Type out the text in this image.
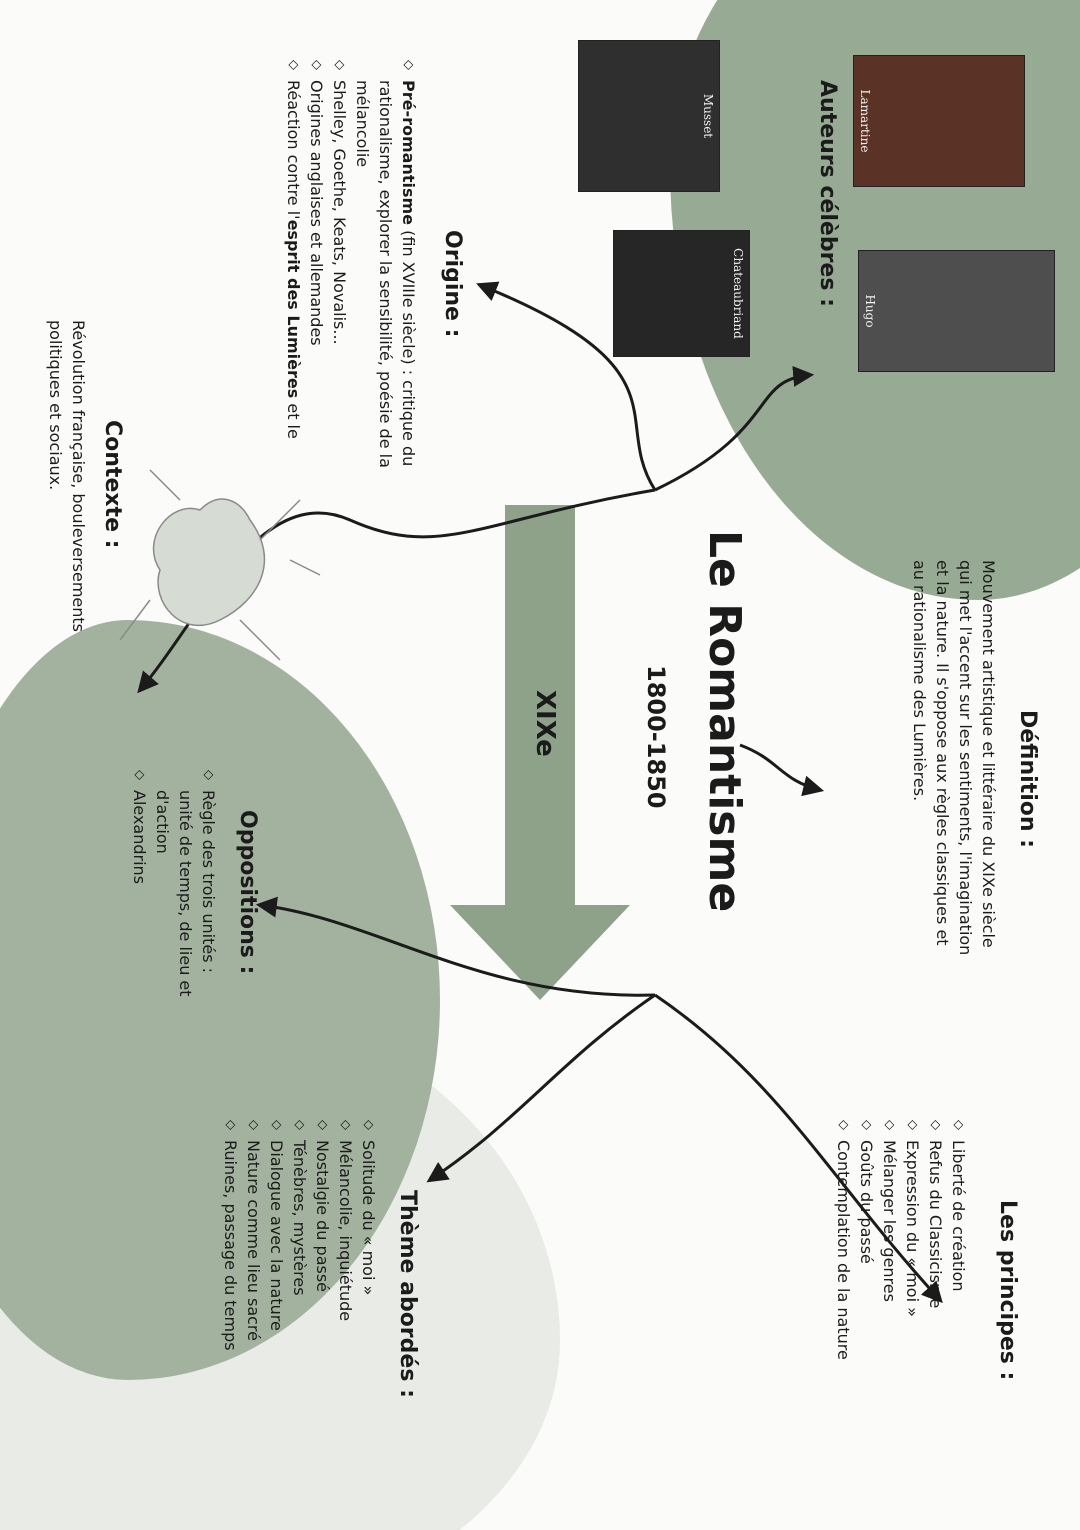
Le Romantisme
1800-1850
XIXe	Définition :
Mouvement artistique et littéraire du XIXe siècle qui met l'accent sur les sentiments, l'imagination et la nature. Il s'oppose aux règles classiques et au rationalisme des Lumières.
Auteurs célèbres : Lamartine
Hugo
Musset
Chateaubriand
Origine :
◇ Pré-romantisme (fin XVIIIe siècle) : critique du rationalisme, explorer la sensibilité, poésie de la mélancolie
◇ Shelley, Goethe, Keats, Novalis...
◇ Origines anglaises et allemandes
◇ Réaction contre l'esprit des Lumières et le
Contexte :
Révolution française, bouleversements politiques et sociaux.
Oppositions :
◇ Règle des trois unités : unité de temps, de lieu et d'action
◇ Alexandrins
Les principes :
◇ Liberté de création
◇ Refus du Classicisme
◇ Expression du « moi »
◇ Mélanger les genres
◇ Goûts du passé
◇ Contemplation de la nature
Thème abordés :
◇ Solitude du « moi »
◇ Mélancolie, inquiétude
◇ Nostalgie du passé
◇ Ténèbres, mystères
◇ Dialogue avec la nature
◇ Nature comme lieu sacré
◇ Ruines, passage du temps
